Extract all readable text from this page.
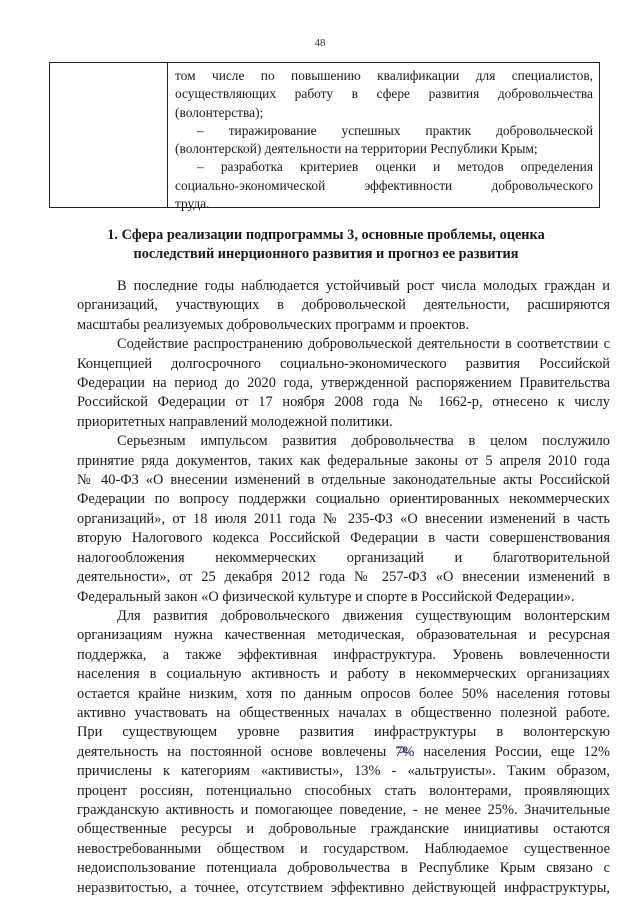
48
том числе по повышению квалификации для специалистов,
осуществляющих работу в сфере развития добровольчества
(волонтерства);
– тиражирование успешных практик добровольческой
(волонтерской) деятельности на территории Республики Крым;
– разработка критериев оценки и методов определения
социально-экономической эффективности добровольческого
труда.
1. Сфера реализации подпрограммы 3, основные проблемы, оценка
последствий инерционного развития и прогноз ее развития
В последние годы наблюдается устойчивый рост числа молодых граждан и
организаций, участвующих в добровольческой деятельности, расширяются
масштабы реализуемых добровольческих программ и проектов.
Содействие распространению добровольческой деятельности в соответствии с
Концепцией долгосрочного социально-экономического развития Российской
Федерации на период до 2020 года, утвержденной распоряжением Правительства
Российской Федерации от 17 ноября 2008 года № 1662-р, отнесено к числу
приоритетных направлений молодежной политики.
Серьезным импульсом развития добровольчества в целом послужило
принятие ряда документов, таких как федеральные законы от 5 апреля 2010 года
№ 40-ФЗ «О внесении изменений в отдельные законодательные акты Российской
Федерации по вопросу поддержки социально ориентированных некоммерческих
организаций», от 18 июля 2011 года № 235-ФЗ «О внесении изменений в часть
вторую Налогового кодекса Российской Федерации в части совершенствования
налогообложения некоммерческих организаций и благотворительной
деятельности», от 25 декабря 2012 года № 257-ФЗ «О внесении изменений в
Федеральный закон «О физической культуре и спорте в Российской Федерации».
Для развития добровольческого движения существующим волонтерским
организациям нужна качественная методическая, образовательная и ресурсная
поддержка, а также эффективная инфраструктура. Уровень вовлеченности
населения в социальную активность и работу в некоммерческих организациях
остается крайне низким, хотя по данным опросов более 50% населения готовы
активно участвовать на общественных началах в общественно полезной работе.
При существующем уровне развития инфраструктуры в волонтерскую
деятельность на постоянной основе вовлечены 7% населения России, еще 12%
причислены к категориям «активисты», 13% - «альтруисты». Таким образом,
процент россиян, потенциально способных стать волонтерами, проявляющих
гражданскую активность и помогающее поведение, - не менее 25%. Значительные
общественные ресурсы и добровольные гражданские инициативы остаются
невостребованными обществом и государством. Наблюдаемое существенное
недоиспользование потенциала добровольчества в Республике Крым связано с
неразвитостью, а точнее, отсутствием эффективно действующей инфраструктуры,
